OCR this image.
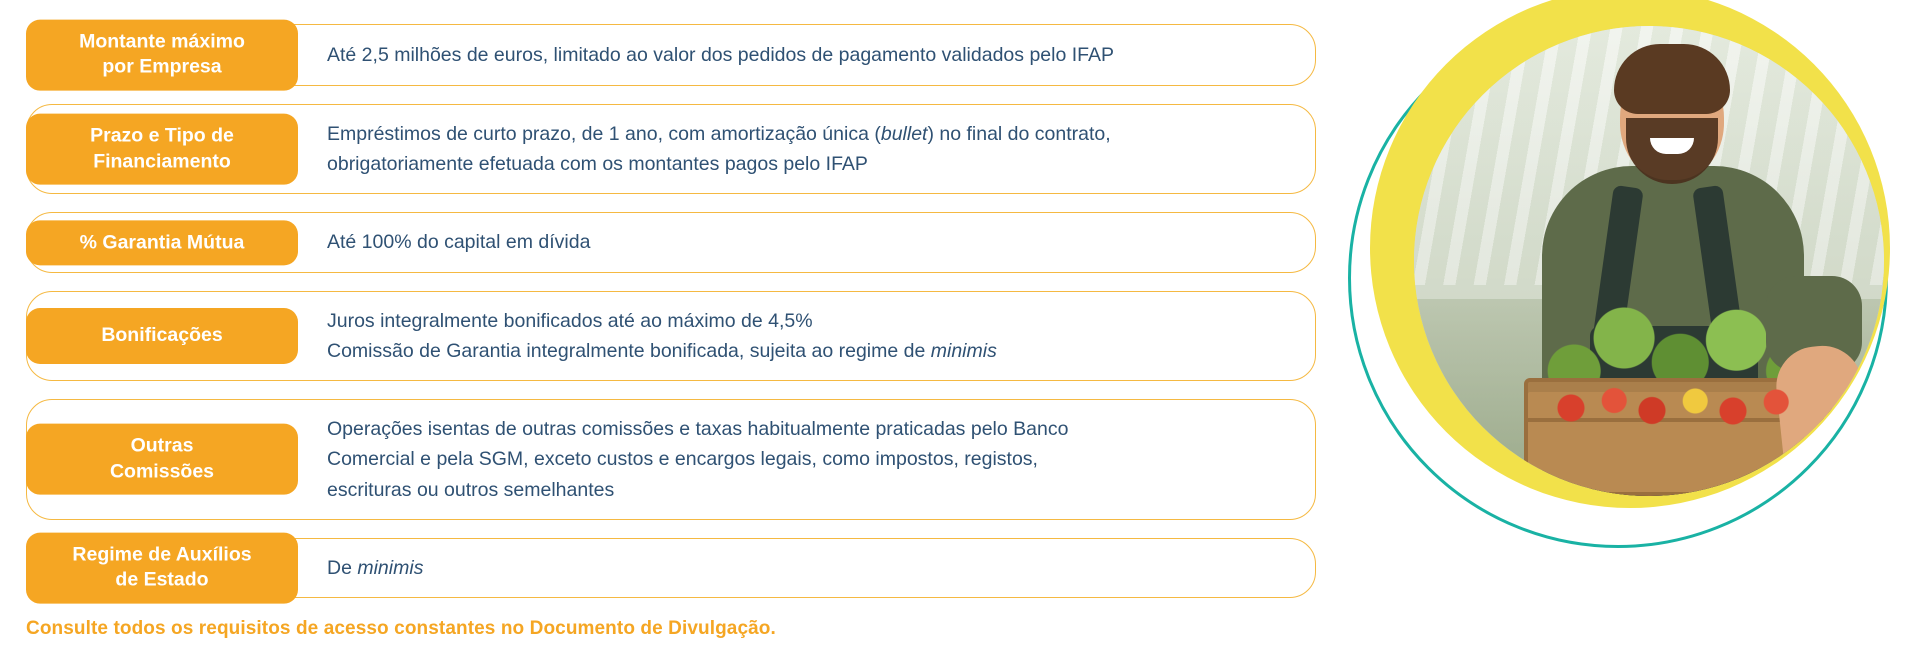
Até 2,5 milhões de euros, limitado ao valor dos pedidos de pagamento validados pelo IFAP
Montante máximo
por Empresa
Empréstimos de curto prazo, de 1 ano, com amortização única (bullet) no final do contrato,
obrigatoriamente efetuada com os montantes pagos pelo IFAP
Prazo e Tipo de
Financiamento
Até 100% do capital em dívida
% Garantia Mútua
Juros integralmente bonificados até ao máximo de 4,5%
Comissão de Garantia integralmente bonificada, sujeita ao regime de minimis
Bonificações
Operações isentas de outras comissões e taxas habitualmente praticadas pelo Banco
Comercial e pela SGM, exceto custos e encargos legais, como impostos, registos,
escrituras ou outros semelhantes
Outras
Comissões
De minimis
Regime de Auxílios
de Estado
Consulte todos os requisitos de acesso constantes no Documento de Divulgação.
